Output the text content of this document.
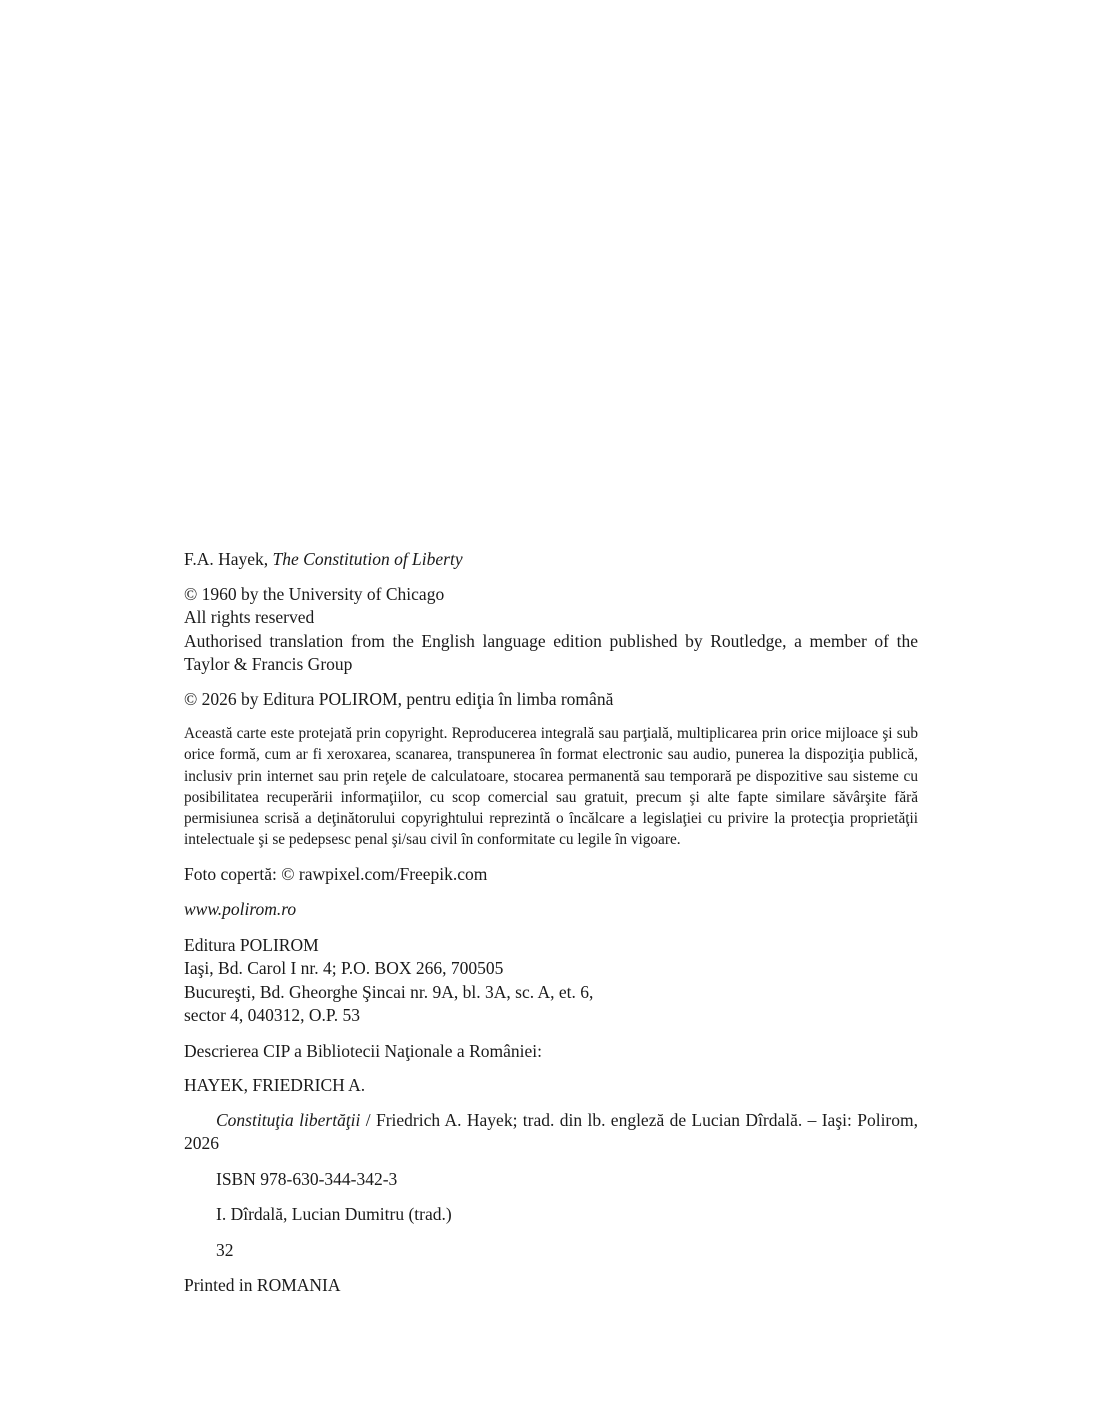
F.A. Hayek, The Constitution of Liberty

© 1960 by the University of Chicago
All rights reserved
Authorised translation from the English language edition published by Routledge, a member of the Taylor & Francis Group

© 2026 by Editura POLIROM, pentru ediţia în limba română

Această carte este protejată prin copyright. Reproducerea integrală sau parţială, multiplicarea prin orice mijloace şi sub orice formă, cum ar fi xeroxarea, scanarea, transpunerea în format electronic sau audio, punerea la dispoziţia publică, inclusiv prin internet sau prin reţele de calculatoare, stocarea permanentă sau temporară pe dispozitive sau sisteme cu posibilitatea recuperării informaţiilor, cu scop comercial sau gratuit, precum şi alte fapte similare săvârşite fără permisiunea scrisă a deţinătorului copyrightului reprezintă o încălcare a legislaţiei cu privire la protecţia proprietăţii intelectuale şi se pedepsesc penal şi/sau civil în conformitate cu legile în vigoare.

Foto copertă: © rawpixel.com/Freepik.com

www.polirom.ro

Editura POLIROM
Iaşi, Bd. Carol I nr. 4; P.O. BOX 266, 700505
Bucureşti, Bd. Gheorghe Şincai nr. 9A, bl. 3A, sc. A, et. 6,
sector 4, 040312, O.P. 53

Descrierea CIP a Bibliotecii Naţionale a României:

HAYEK, FRIEDRICH A.

Constituţia libertăţii / Friedrich A. Hayek; trad. din lb. engleză de Lucian Dîrdală. – Iaşi: Polirom, 2026

ISBN 978-630-344-342-3

I. Dîrdală, Lucian Dumitru (trad.)

32

Printed in ROMANIA
